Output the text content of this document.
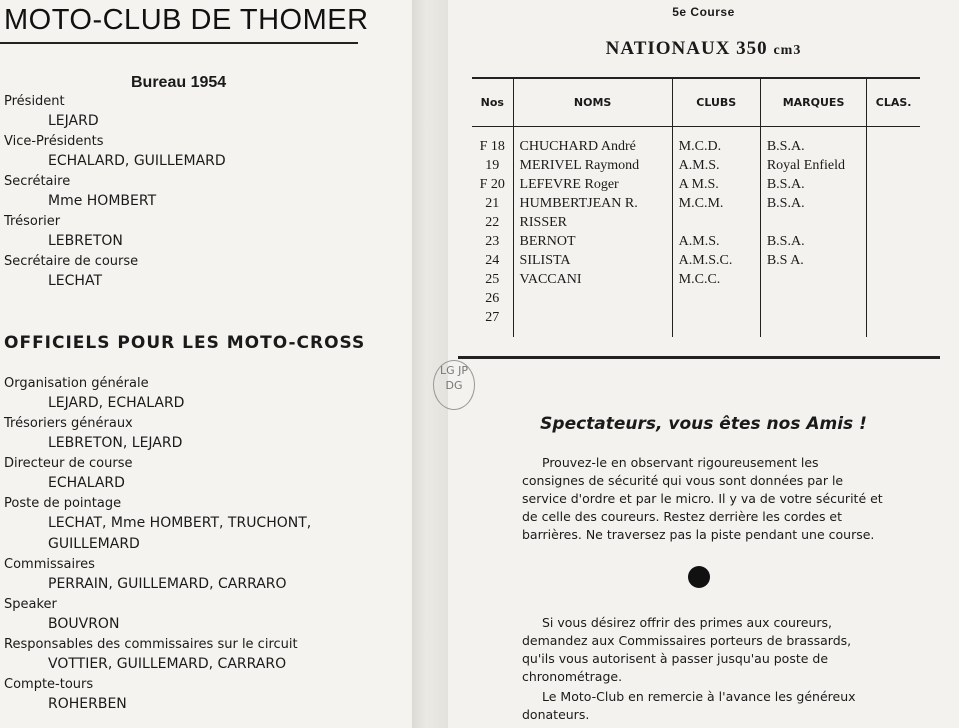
MOTO-CLUB DE THOMER
Bureau 1954
Président
LEJARD
Vice-Présidents
ECHALARD, GUILLEMARD
Secrétaire
Mme HOMBERT
Trésorier
LEBRETON
Secrétaire de course
LECHAT
OFFICIELS POUR LES MOTO-CROSS
Organisation générale
LEJARD, ECHALARD
Trésoriers généraux
LEBRETON, LEJARD
Directeur de course
ECHALARD
Poste de pointage
LECHAT, Mme HOMBERT, TRUCHONT,
GUILLEMARD
Commissaires
PERRAIN, GUILLEMARD, CARRARO
Speaker
BOUVRON
Responsables des commissaires sur le circuit
VOTTIER, GUILLEMARD, CARRARO
Compte-tours
ROHERBEN
5e Course
NATIONAUX 350 cm3
Nos	NOMS	CLUBS	MARQUES	CLAS.
F 18	CHUCHARD André	M.C.D.	B.S.A.	
19	MERIVEL Raymond	A.M.S.	Royal Enfield	
F 20	LEFEVRE Roger	A M.S.	B.S.A.	
21	HUMBERTJEAN R.	M.C.M.	B.S.A.	
22	RISSER			
23	BERNOT	A.M.S.	B.S.A.	
24	SILISTA	A.M.S.C.	B.S A.	
25	VACCANI	M.C.C.		
26				
27				
LG JP DG
Spectateurs, vous êtes nos Amis !
Prouvez-le en observant rigoureusement les consignes de sécurité qui vous sont données par le service d'ordre et par le micro. Il y va de votre sécurité et de celle des coureurs. Restez derrière les cordes et barrières. Ne traversez pas la piste pendant une course.
Si vous désirez offrir des primes aux coureurs, demandez aux Commissaires porteurs de brassards, qu'ils vous autorisent à passer jusqu'au poste de chronométrage.
Le Moto-Club en remercie à l'avance les généreux donateurs.
